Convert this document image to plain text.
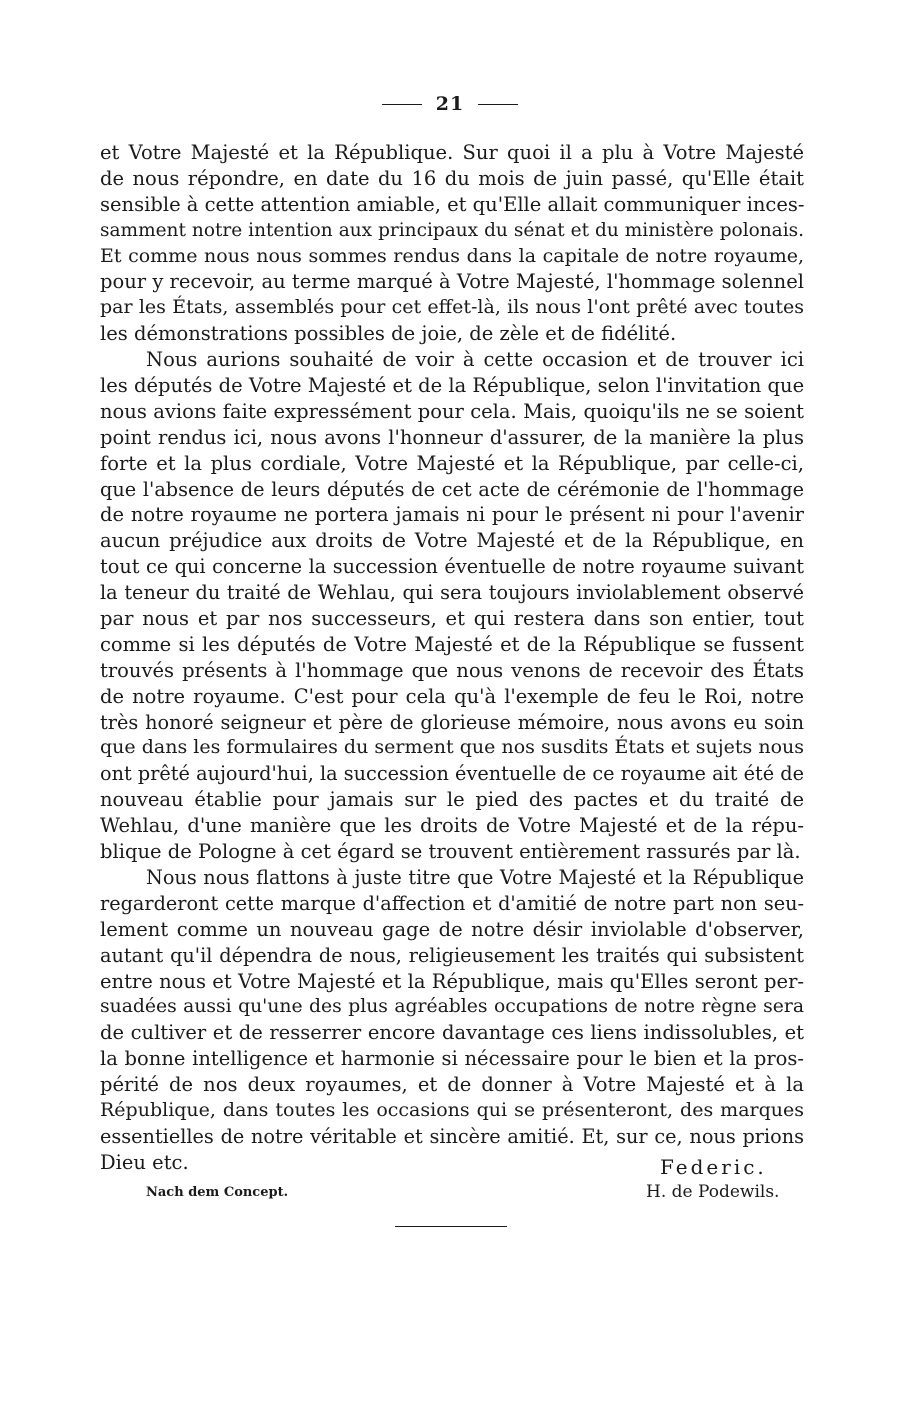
21
et Votre Majesté et la République. Sur quoi il a plu à Votre Majesté
de nous répondre, en date du 16 du mois de juin passé, qu'Elle était
sensible à cette attention amiable, et qu'Elle allait communiquer inces-
samment notre intention aux principaux du sénat et du ministère polonais.
Et comme nous nous sommes rendus dans la capitale de notre royaume,
pour y recevoir, au terme marqué à Votre Majesté, l'hommage solennel
par les États, assemblés pour cet effet-là, ils nous l'ont prêté avec toutes
les démonstrations possibles de joie, de zèle et de fidélité.
Nous aurions souhaité de voir à cette occasion et de trouver ici
les députés de Votre Majesté et de la République, selon l'invitation que
nous avions faite expressément pour cela. Mais, quoiqu'ils ne se soient
point rendus ici, nous avons l'honneur d'assurer, de la manière la plus
forte et la plus cordiale, Votre Majesté et la République, par celle-ci,
que l'absence de leurs députés de cet acte de cérémonie de l'hommage
de notre royaume ne portera jamais ni pour le présent ni pour l'avenir
aucun préjudice aux droits de Votre Majesté et de la République, en
tout ce qui concerne la succession éventuelle de notre royaume suivant
la teneur du traité de Wehlau, qui sera toujours inviolablement observé
par nous et par nos successeurs, et qui restera dans son entier, tout
comme si les députés de Votre Majesté et de la République se fussent
trouvés présents à l'hommage que nous venons de recevoir des États
de notre royaume. C'est pour cela qu'à l'exemple de feu le Roi, notre
très honoré seigneur et père de glorieuse mémoire, nous avons eu soin
que dans les formulaires du serment que nos susdits États et sujets nous
ont prêté aujourd'hui, la succession éventuelle de ce royaume ait été de
nouveau établie pour jamais sur le pied des pactes et du traité de
Wehlau, d'une manière que les droits de Votre Majesté et de la répu-
blique de Pologne à cet égard se trouvent entièrement rassurés par là.
Nous nous flattons à juste titre que Votre Majesté et la République
regarderont cette marque d'affection et d'amitié de notre part non seu-
lement comme un nouveau gage de notre désir inviolable d'observer,
autant qu'il dépendra de nous, religieusement les traités qui subsistent
entre nous et Votre Majesté et la République, mais qu'Elles seront per-
suadées aussi qu'une des plus agréables occupations de notre règne sera
de cultiver et de resserrer encore davantage ces liens indissolubles, et
la bonne intelligence et harmonie si nécessaire pour le bien et la pros-
périté de nos deux royaumes, et de donner à Votre Majesté et à la
République, dans toutes les occasions qui se présenteront, des marques
essentielles de notre véritable et sincère amitié. Et, sur ce, nous prions
Dieu etc.	Federic.
Nach dem Concept.	H. de Podewils.
